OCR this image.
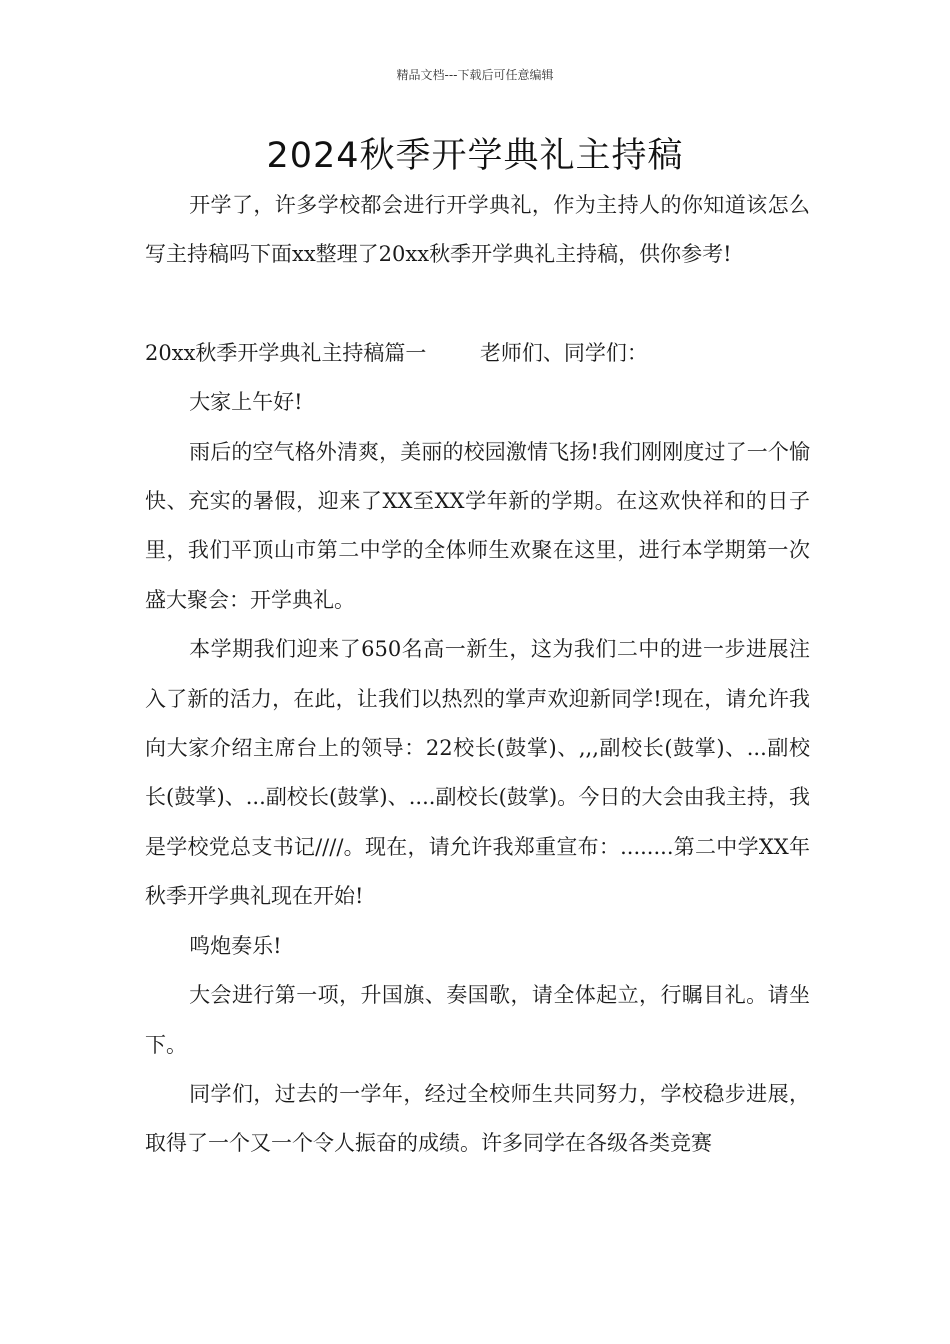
精品文档---下载后可任意编辑
2024秋季开学典礼主持稿

开学了，许多学校都会进行开学典礼，作为主持人的你知道该怎么写主持稿吗下面xx整理了20xx秋季开学典礼主持稿，供你参考!

20xx秋季开学典礼主持稿篇一	老师们、同学们：

大家上午好!

雨后的空气格外清爽，美丽的校园激情飞扬!我们刚刚度过了一个愉快、充实的暑假，迎来了XX至XX学年新的学期。在这欢快祥和的日子里，我们平顶山市第二中学的全体师生欢聚在这里，进行本学期第一次盛大聚会：开学典礼。

本学期我们迎来了650名高一新生，这为我们二中的进一步进展注入了新的活力，在此，让我们以热烈的掌声欢迎新同学!现在，请允许我向大家介绍主席台上的领导：22校长(鼓掌)、,,,副校长(鼓掌)、...副校长(鼓掌)、...副校长(鼓掌)、....副校长(鼓掌)。今日的大会由我主持，我是学校党总支书记////。现在，请允许我郑重宣布：........第二中学XX年秋季开学典礼现在开始!

鸣炮奏乐!

大会进行第一项，升国旗、奏国歌，请全体起立，行瞩目礼。请坐下。

同学们，过去的一学年，经过全校师生共同努力，学校稳步进展，取得了一个又一个令人振奋的成绩。许多同学在各级各类竞赛
